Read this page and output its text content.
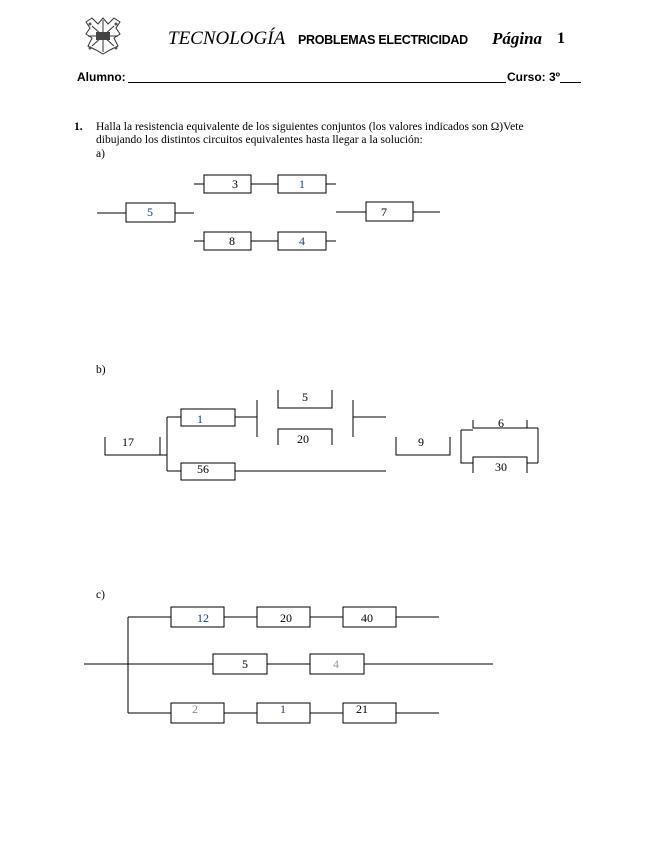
TECNOLOGÍA PROBLEMAS ELECTRICIDAD Página 1
Alumno:	Curso: 3º
1. Halla la resistencia equivalente de los siguientes conjuntos (los valores indicados son Ω)Vete dibujando los distintos circuitos equivalentes hasta llegar a la solución:
a)
5
3	1
8	4
7
17
1
56
5
20	9
6
30
12	20	40
5	4
2	1	21
b)
c)
